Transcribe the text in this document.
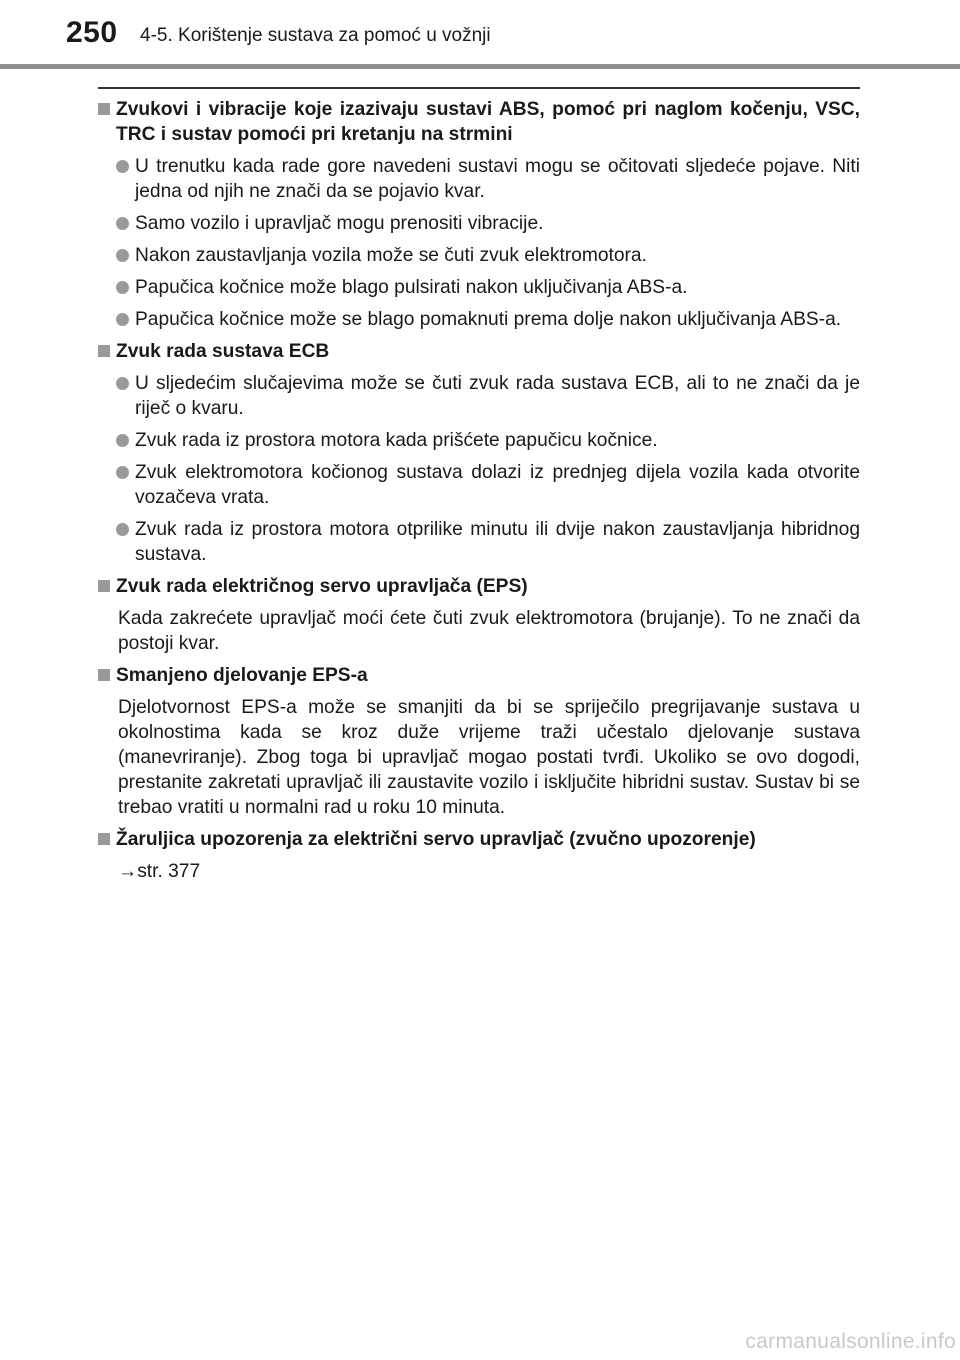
250 4-5. Korištenje sustava za pomoć u vožnji
Zvukovi i vibracije koje izazivaju sustavi ABS, pomoć pri naglom kočenju, VSC, TRC i sustav pomoći pri kretanju na strmini
U trenutku kada rade gore navedeni sustavi mogu se očitovati sljedeće pojave. Niti jedna od njih ne znači da se pojavio kvar.
Samo vozilo i upravljač mogu prenositi vibracije.
Nakon zaustavljanja vozila može se čuti zvuk elektromotora.
Papučica kočnice može blago pulsirati nakon uključivanja ABS-a.
Papučica kočnice može se blago pomaknuti prema dolje nakon uključivanja ABS-a.
Zvuk rada sustava ECB
U sljedećim slučajevima može se čuti zvuk rada sustava ECB, ali to ne znači da je riječ o kvaru.
Zvuk rada iz prostora motora kada prišćete papučicu kočnice.
Zvuk elektromotora kočionog sustava dolazi iz prednjeg dijela vozila kada otvorite vozačeva vrata.
Zvuk rada iz prostora motora otprilike minutu ili dvije nakon zaustavljanja hibridnog sustava.
Zvuk rada električnog servo upravljača (EPS)
Kada zakrećete upravljač moći ćete čuti zvuk elektromotora (brujanje). To ne znači da postoji kvar.
Smanjeno djelovanje EPS-a
Djelotvornost EPS-a može se smanjiti da bi se spriječilo pregrijavanje sustava u okolnostima kada se kroz duže vrijeme traži učestalo djelovanje sustava (manevriranje). Zbog toga bi upravljač mogao postati tvrđi. Ukoliko se ovo dogodi, prestanite zakretati upravljač ili zaustavite vozilo i isključite hibridni sustav. Sustav bi se trebao vratiti u normalni rad u roku 10 minuta.
Žaruljica upozorenja za električni servo upravljač (zvučno upozorenje)
→str. 377
carmanualsonline.info
